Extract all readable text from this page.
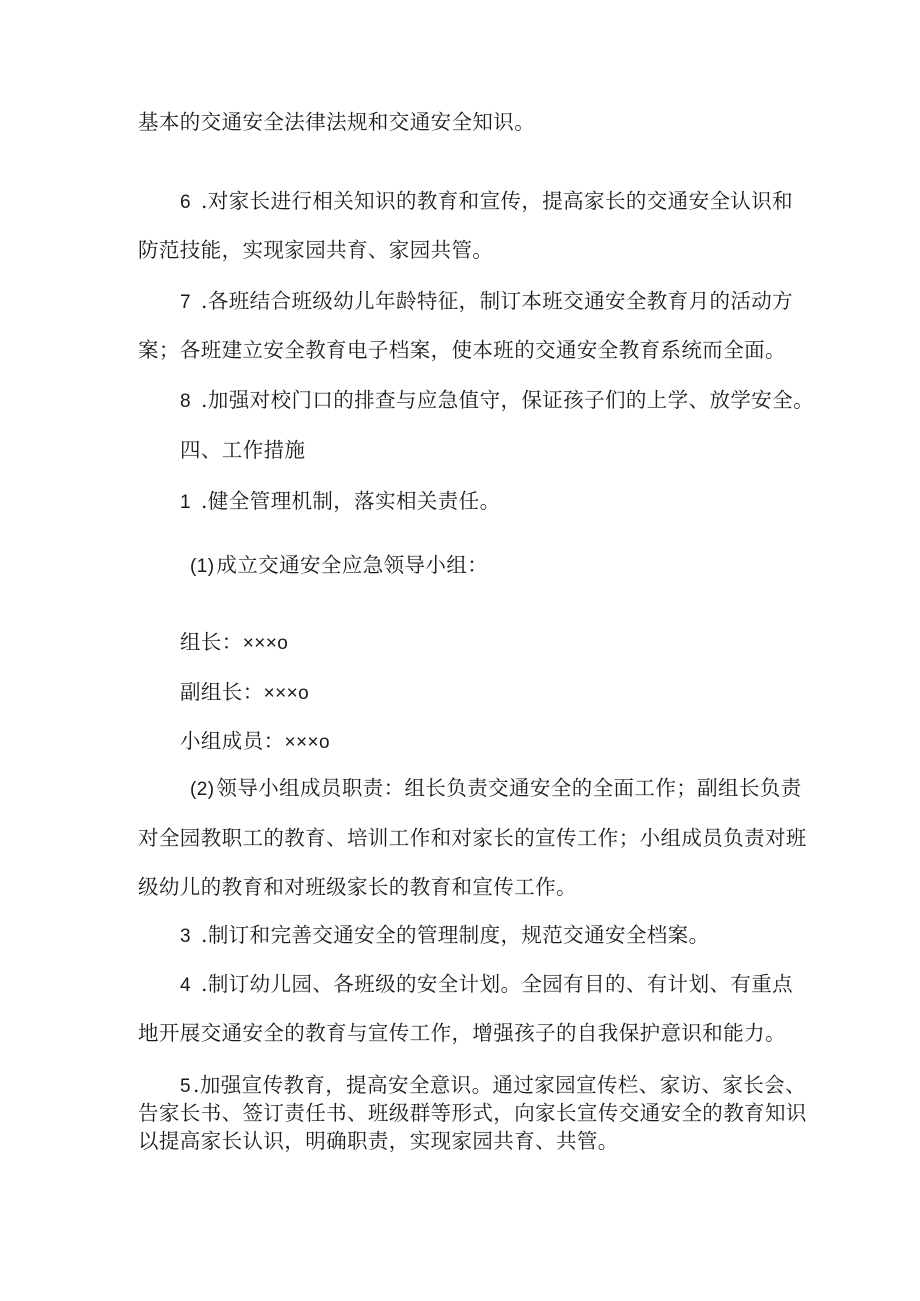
基本的交通安全法律法规和交通安全知识。
6 .对家长进行相关知识的教育和宣传，提高家长的交通安全认识和
防范技能，实现家园共育、家园共管。
7 .各班结合班级幼儿年龄特征，制订本班交通安全教育月的活动方
案；各班建立安全教育电子档案，使本班的交通安全教育系统而全面。
8 .加强对校门口的排查与应急值守，保证孩子们的上学、放学安全。
四、工作措施
1 .健全管理机制，落实相关责任。
(1)成立交通安全应急领导小组：
组长：×××o
副组长：×××o
小组成员：×××o
(2)领导小组成员职责：组长负责交通安全的全面工作；副组长负责
对全园教职工的教育、培训工作和对家长的宣传工作；小组成员负责对班
级幼儿的教育和对班级家长的教育和宣传工作。
3 .制订和完善交通安全的管理制度，规范交通安全档案。
4 .制订幼儿园、各班级的安全计划。全园有目的、有计划、有重点
地开展交通安全的教育与宣传工作，增强孩子的自我保护意识和能力。
5.加强宣传教育，提高安全意识。通过家园宣传栏、家访、家长会、
告家长书、签订责任书、班级群等形式，向家长宣传交通安全的教育知识
以提高家长认识，明确职责，实现家园共育、共管。
